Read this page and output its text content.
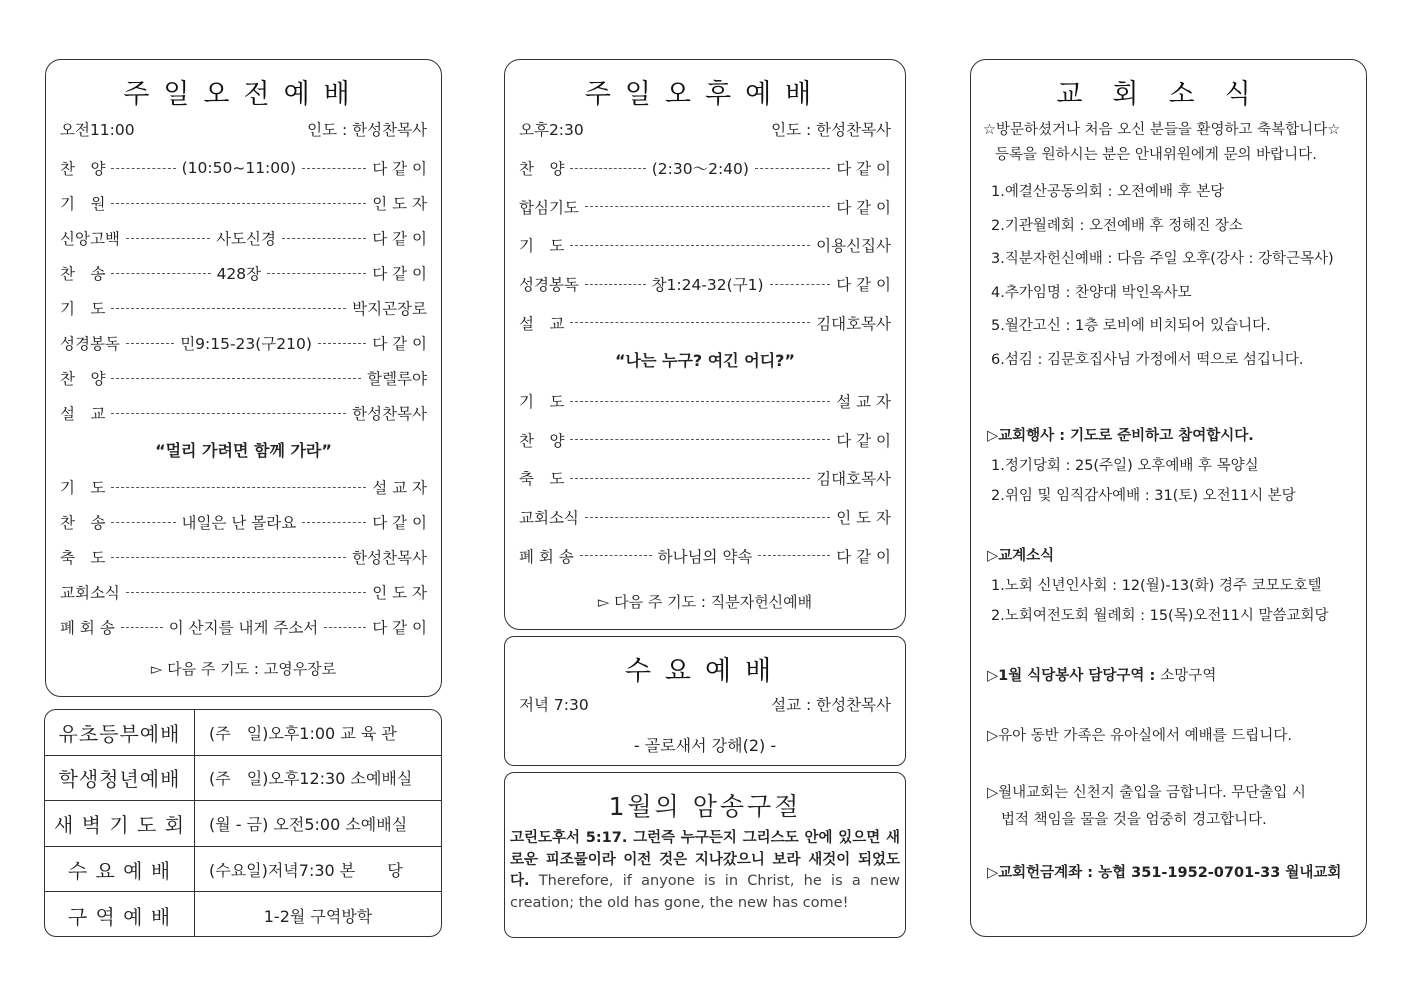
주일오전예배
오전11:00	인도 : 한성찬목사
찬　양	(10:50~11:00)	다 같 이
기　원	인 도 자
신앙고백	사도신경	다 같 이
찬　송	428장	다 같 이
기　도	박지곤장로
성경봉독	민9:15-23(구210)	다 같 이
찬　양	할렐루야
설　교	한성찬목사
“멀리 가려면 함께 가라”
기　도	설 교 자
찬　송	내일은 난 몰라요	다 같 이
축　도	한성찬목사
교회소식	인 도 자
폐 회 송	이 산지를 내게 주소서	다 같 이
▻ 다음 주 기도 : 고영우장로
유초등부예배	(주　일)오후1:00 교 육 관
학생청년예배	(주　일)오후12:30 소예배실
새 벽 기 도 회	(월 - 금) 오전5:00 소예배실
수 요 예 배	(수요일)저녁7:30 본　　당
구 역 예 배	1-2월 구역방학
주일오후예배
오후2:30	인도 : 한성찬목사
찬　양	(2:30～2:40)	다 같 이
합심기도	다 같 이
기　도	이용신집사
성경봉독	창1:24-32(구1)	다 같 이
설　교	김대호목사
“나는 누구? 여긴 어디?”
기　도	설 교 자
찬　양	다 같 이
축　도	김대호목사
교회소식	인 도 자
폐 회 송	하나님의 약속	다 같 이
▻ 다음 주 기도 : 직분자헌신예배
수요예배
저녁 7:30	설교 : 한성찬목사
- 골로새서 강해(2) -
1월의 암송구절
고린도후서 5:17. 그런즉 누구든지 그리스도 안에 있으면 새로운 피조물이라 이전 것은 지나갔으니 보라 새것이 되었도다. Therefore, if anyone is in Christ, he is a new creation; the old has gone, the new has come!
교회소식
☆방문하셨거나 처음 오신 분들을 환영하고 축복합니다☆
등록을 원하시는 분은 안내위원에게 문의 바랍니다.
1.예결산공동의회 : 오전예배 후 본당
2.기관월례회 : 오전예배 후 정해진 장소
3.직분자헌신예배 : 다음 주일 오후(강사 : 강학근목사)
4.추가임명 : 찬양대 박인옥사모
5.월간고신 : 1층 로비에 비치되어 있습니다.
6.섬김 : 김문호집사님 가정에서 떡으로 섬깁니다.
▷교회행사 : 기도로 준비하고 참여합시다.
1.정기당회 : 25(주일) 오후예배 후 목양실
2.위임 및 임직감사예배 : 31(토) 오전11시 본당
▷교계소식
1.노회 신년인사회 : 12(월)-13(화) 경주 코모도호텔
2.노회여전도회 월례회 : 15(목)오전11시 말씀교회당
▷1월 식당봉사 담당구역 : 소망구역
▷유아 동반 가족은 유아실에서 예배를 드립니다.
▷월내교회는 신천지 출입을 금합니다. 무단출입 시
법적 책임을 물을 것을 엄중히 경고합니다.
▷교회헌금계좌 : 농협 351-1952-0701-33 월내교회
